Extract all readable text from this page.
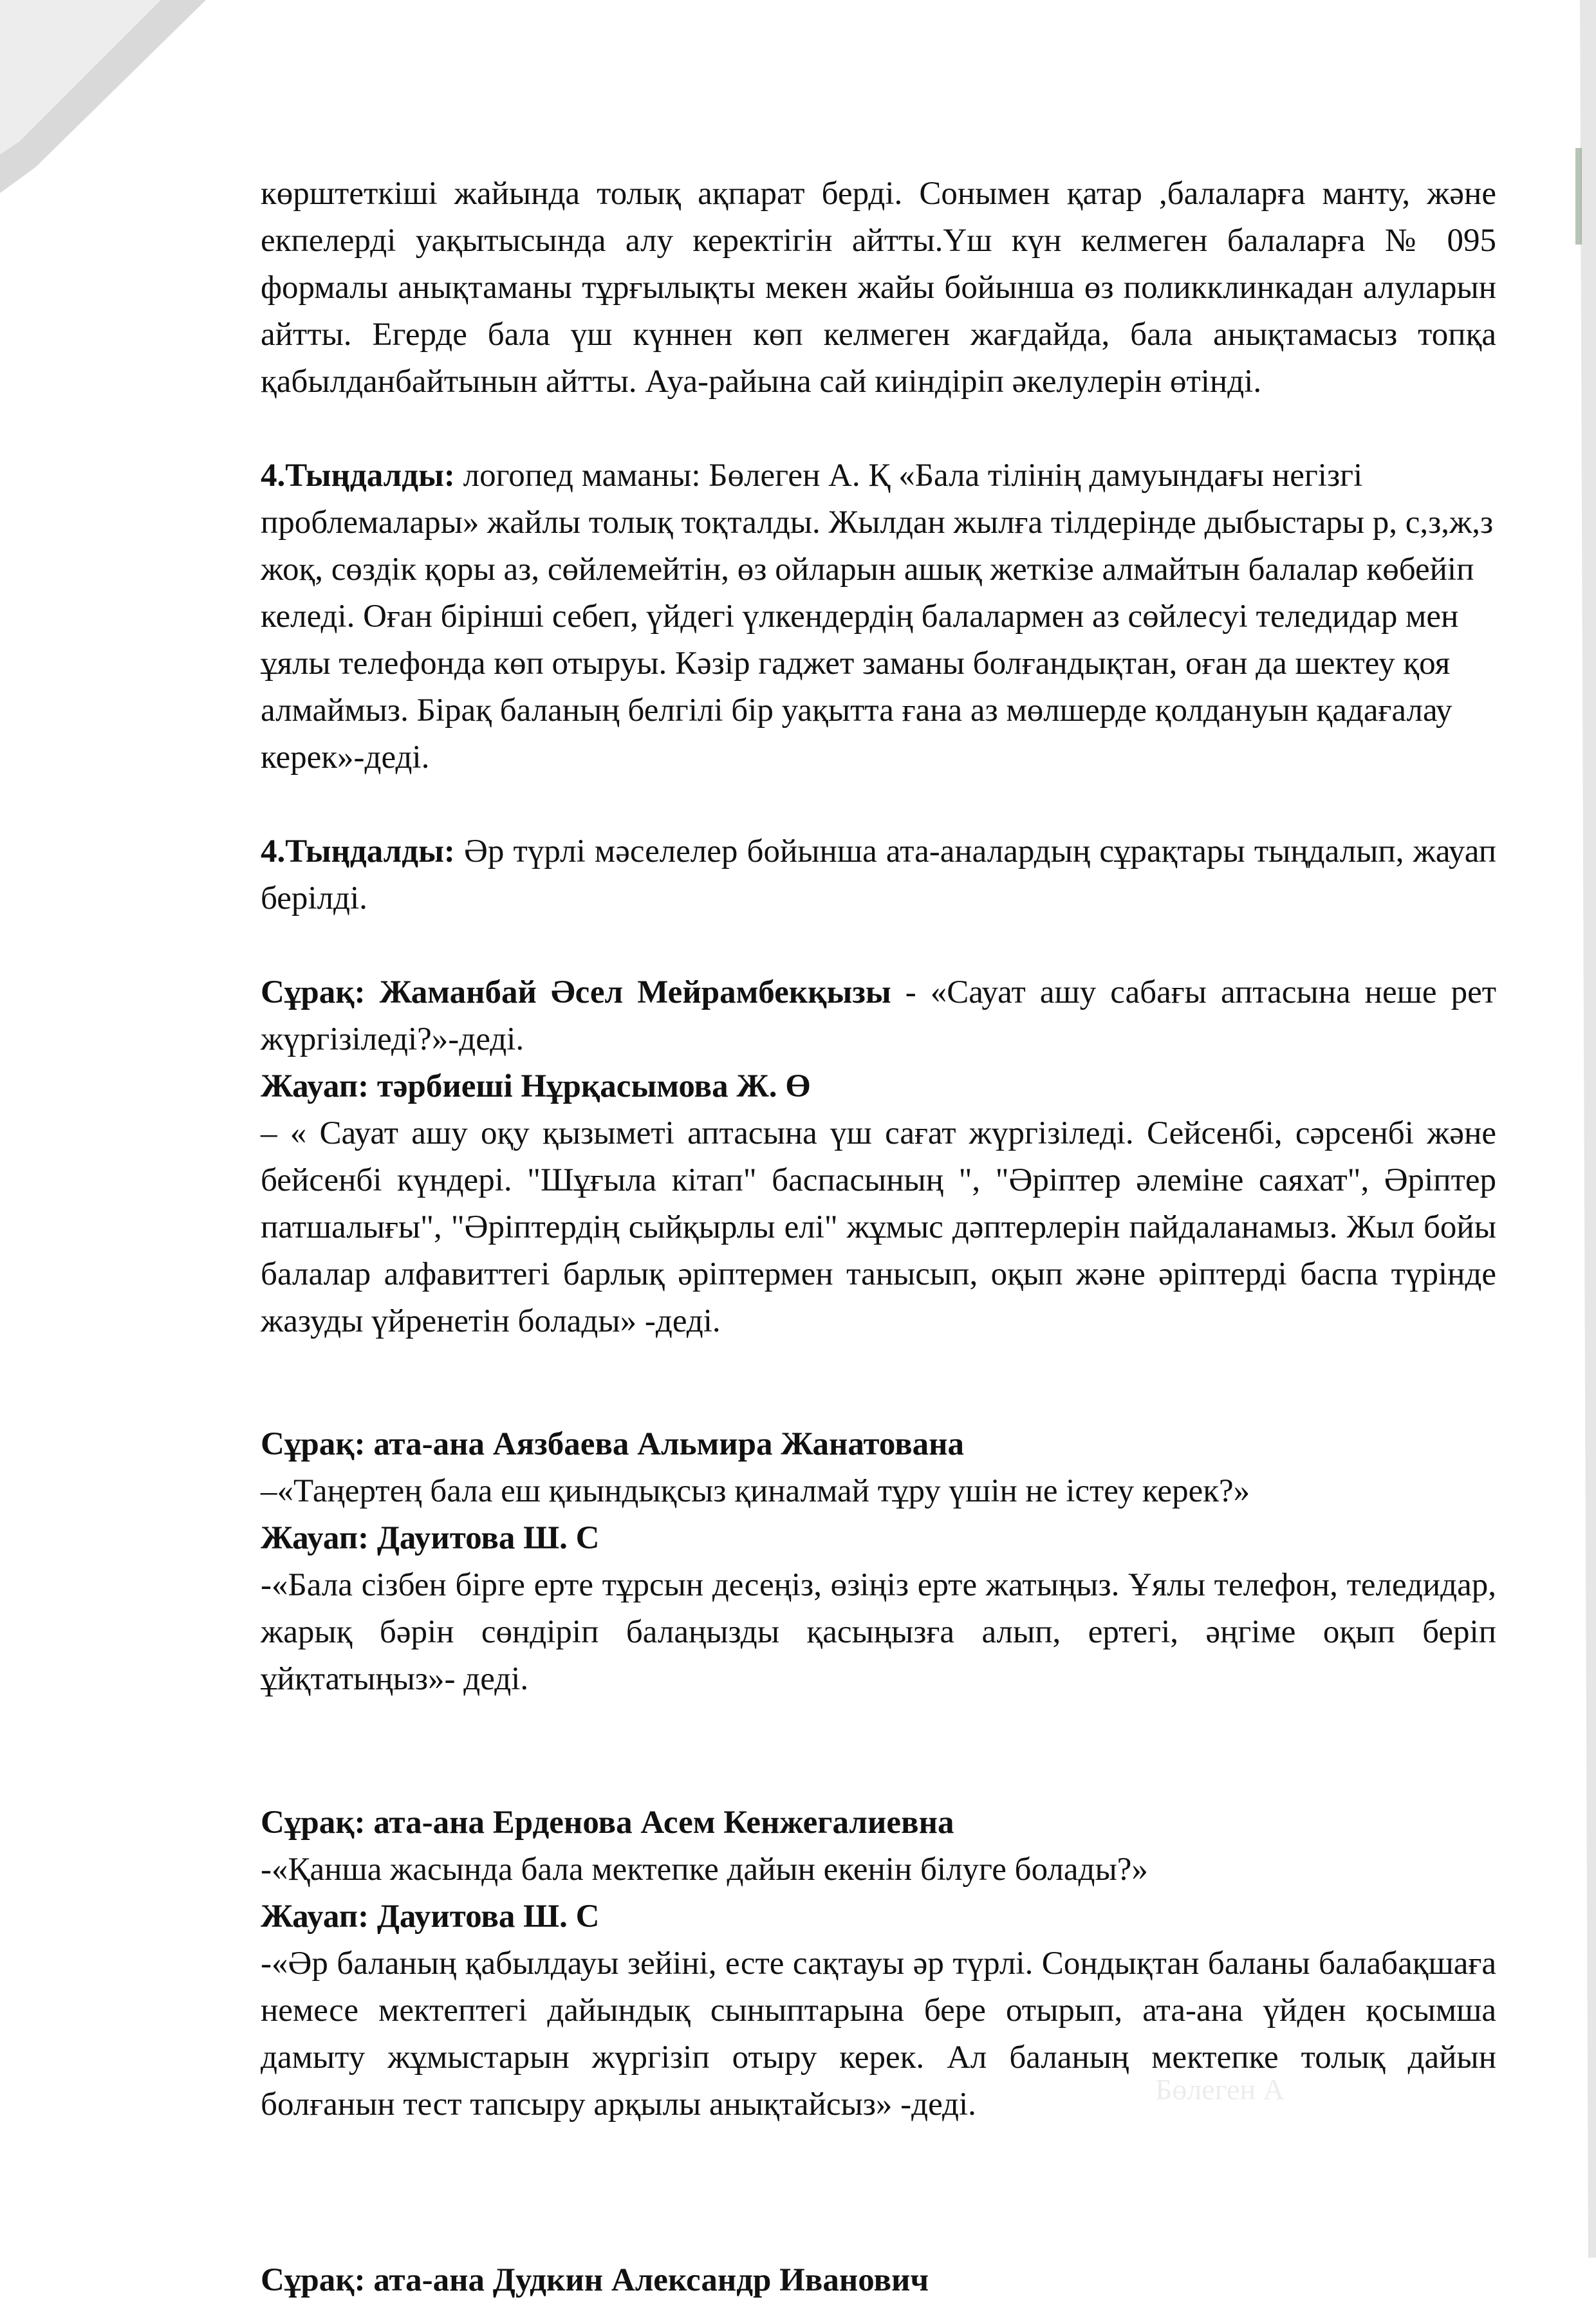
Бөлеген А

көрштеткіші жайында толық ақпарат берді. Сонымен қатар ,балаларға манту, және екпелерді уақытысында алу керектігін айтты.Үш күн келмеген балаларға № 095 формалы анықтаманы тұрғылықты мекен жайы бойынша өз поликклинкадан алуларын айтты. Егерде бала үш күннен көп келмеген жағдайда, бала анықтамасыз топқа қабылданбайтынын айтты. Ауа-райына сай киіндіріп әкелулерін өтінді.

4.Тыңдалды: логопед маманы: Бөлеген А. Қ «Бала тілінің дамуындағы негізгі проблемалары» жайлы толық тоқталды. Жылдан жылға тілдерінде дыбыстары р, с,з,ж,з жоқ, сөздік қоры аз, сөйлемейтін, өз ойларын ашық жеткізе алмайтын балалар көбейіп келеді. Оған бірінші себеп, үйдегі үлкендердің балалармен аз сөйлесуі теледидар мен ұялы телефонда көп отыруы. Кәзір гаджет заманы болғандықтан, оған да шектеу қоя алмаймыз. Бірақ баланың белгілі бір уақытта ғана аз мөлшерде қолдануын қадағалау керек»-деді.

4.Тыңдалды: Әр түрлі мәселелер бойынша ата-аналардың сұрақтары тыңдалып, жауап берілді.

Сұрақ: Жаманбай Әсел Мейрамбекқызы - «Сауат ашу сабағы аптасына неше рет жүргізіледі?»-деді.

Жауап: тәрбиеші Нұрқасымова Ж. Ө

– « Сауат ашу оқу қызыметі аптасына үш сағат жүргізіледі. Сейсенбі, сәрсенбі және бейсенбі күндері. "Шұғыла кітап" баспасының ", "Әріптер әлеміне саяхат", Әріптер патшалығы", "Әріптердің сыйқырлы елі" жұмыс дәптерлерін пайдаланамыз. Жыл бойы балалар алфавиттегі барлық әріптермен танысып, оқып және әріптерді баспа түрінде жазуды үйренетін болады» -деді.

Сұрақ: ата-ана Аязбаева Альмира Жанатована

–«Таңертең бала еш қиындықсыз қиналмай тұру үшін не істеу керек?»

Жауап: Дауитова Ш. С

-«Бала сізбен бірге ерте тұрсын десеңіз, өзіңіз ерте жатыңыз. Ұялы телефон, теледидар, жарық бәрін сөндіріп балаңызды қасыңызға алып, ертегі, әңгіме оқып беріп ұйқтатыңыз»- деді.

Сұрақ: ата-ана Ерденова Асем Кенжегалиевна

-«Қанша жасында бала мектепке дайын екенін білуге болады?»

Жауап: Дауитова Ш. С

-«Әр баланың қабылдауы зейіні, есте сақтауы әр түрлі. Сондықтан баланы балабақшаға немесе мектептегі дайындық сыныптарына бере отырып, ата-ана үйден қосымша дамыту жұмыстарын жүргізіп отыру керек. Ал баланың мектепке толық дайын болғанын тест тапсыру арқылы анықтайсыз» -деді.

Сұрақ: ата-ана Дудкин Александр Иванович
